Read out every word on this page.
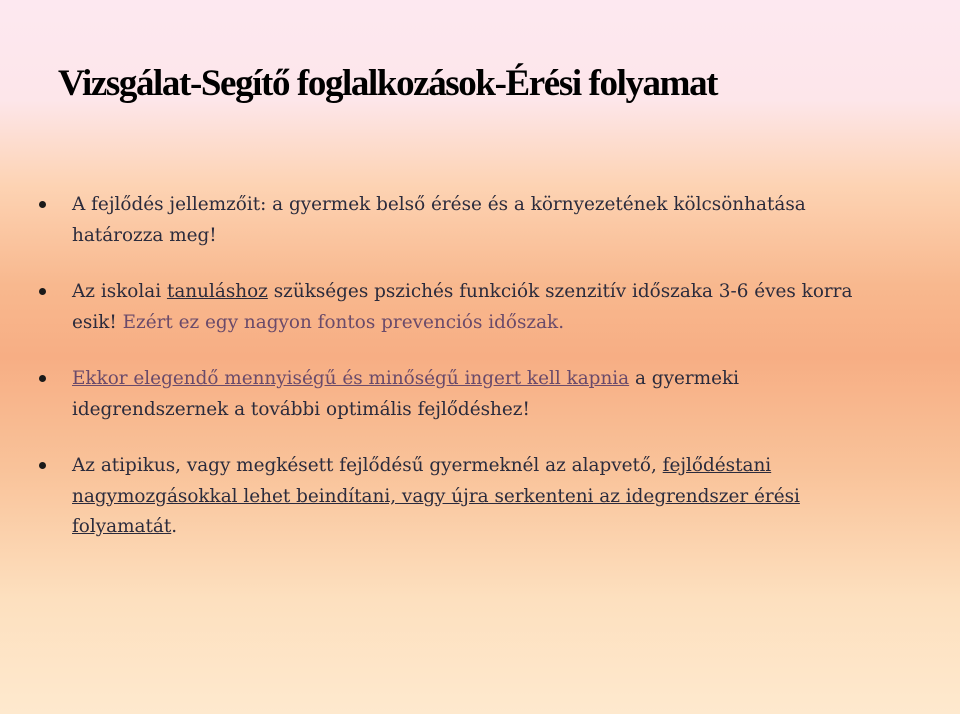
Vizsgálat-Segítő foglalkozások-Érési folyamat
A fejlődés jellemzőit: a gyermek belső érése és a környezetének kölcsönhatása határozza meg!
Az iskolai tanuláshoz szükséges pszichés funkciók szenzitív időszaka 3-6 éves korra esik! Ezért ez egy nagyon fontos prevenciós időszak.
Ekkor elegendő mennyiségű és minőségű ingert kell kapnia a gyermeki idegrendszernek a további optimális fejlődéshez!
Az atipikus, vagy megkésett fejlődésű gyermeknél az alapvető, fejlődéstani nagymozgásokkal lehet beindítani, vagy újra serkenteni az idegrendszer érési folyamatát.
